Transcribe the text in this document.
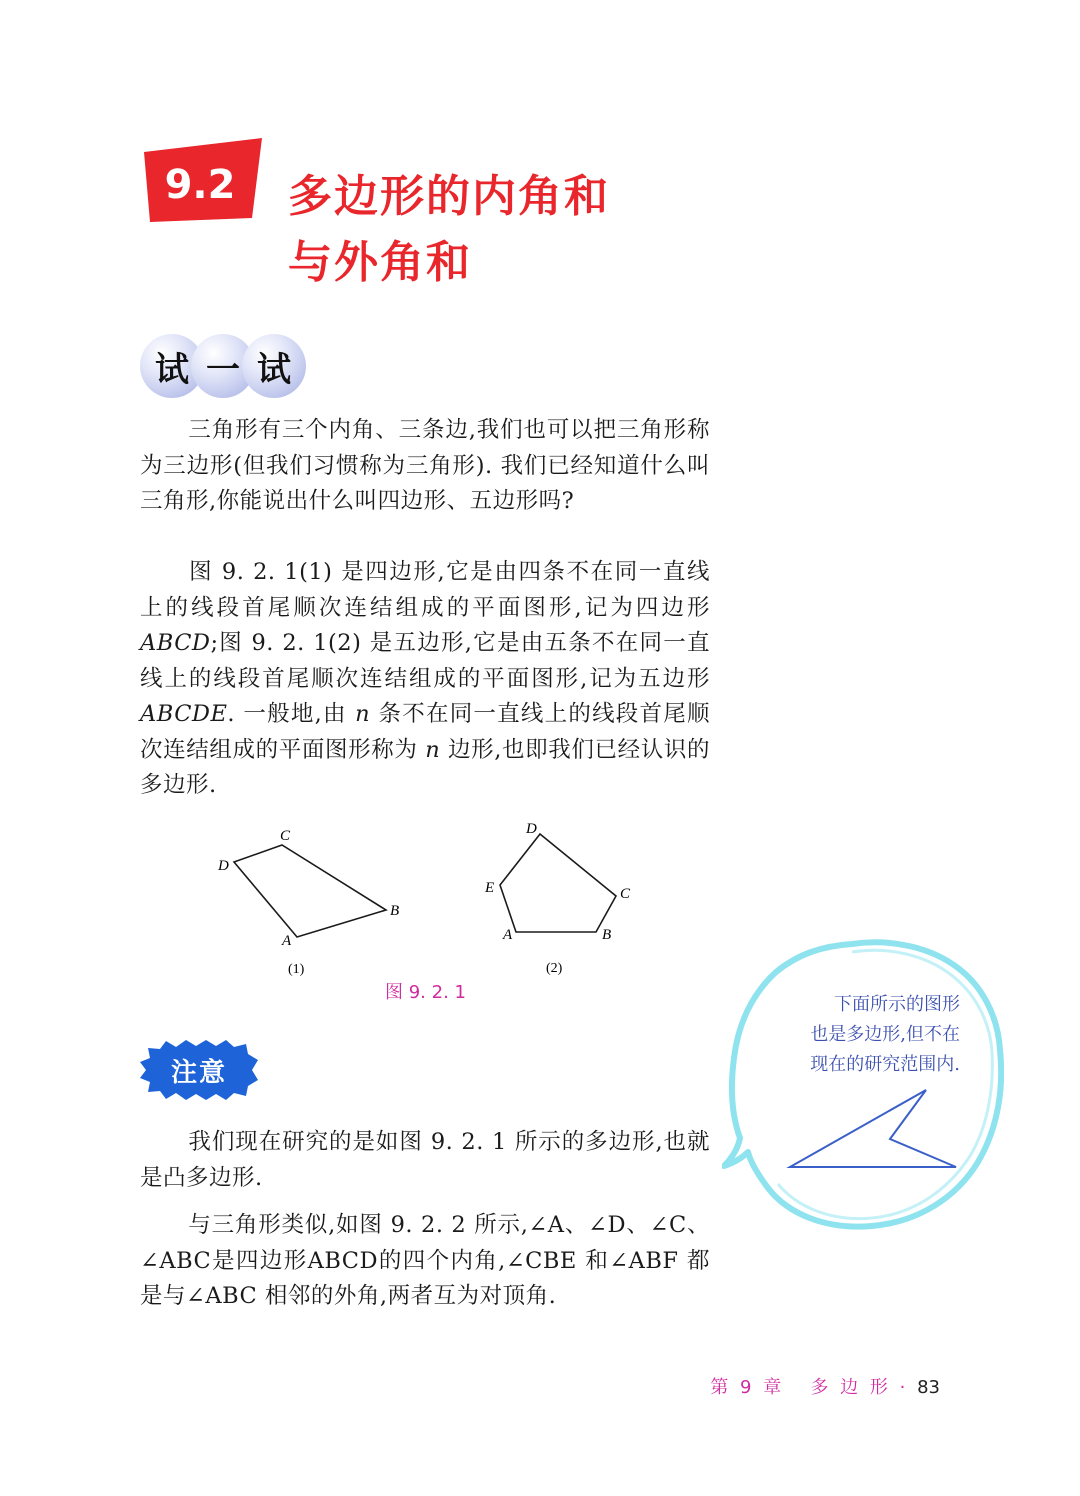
9.2 多边形的内角和
与外角和
试 一 试
三角形有三个内角、三条边,我们也可以把三角形称为三边形(但我们习惯称为三角形). 我们已经知道什么叫三角形,你能说出什么叫四边形、五边形吗?
图 9. 2. 1(1) 是四边形,它是由四条不在同一直线上的线段首尾顺次连结组成的平面图形,记为四边形ABCD;图 9. 2. 1(2) 是五边形,它是由五条不在同一直线上的线段首尾顺次连结组成的平面图形,记为五边形ABCDE. 一般地,由 n 条不在同一直线上的线段首尾顺次连结组成的平面图形称为 n 边形,也即我们已经认识的多边形.
C
D
B
A
(1)
D
E	C
A	B
(2)
图 9. 2. 1
注意
我们现在研究的是如图 9. 2. 1 所示的多边形,也就是凸多边形.
与三角形类似,如图 9. 2. 2 所示,∠A、∠D、∠C、∠ABC是四边形ABCD的四个内角,∠CBE 和∠ABF 都是与∠ABC 相邻的外角,两者互为对顶角.
下面所示的图形
也是多边形,但不在
现在的研究范围内.
第 9 章 多 边 形 · 83
